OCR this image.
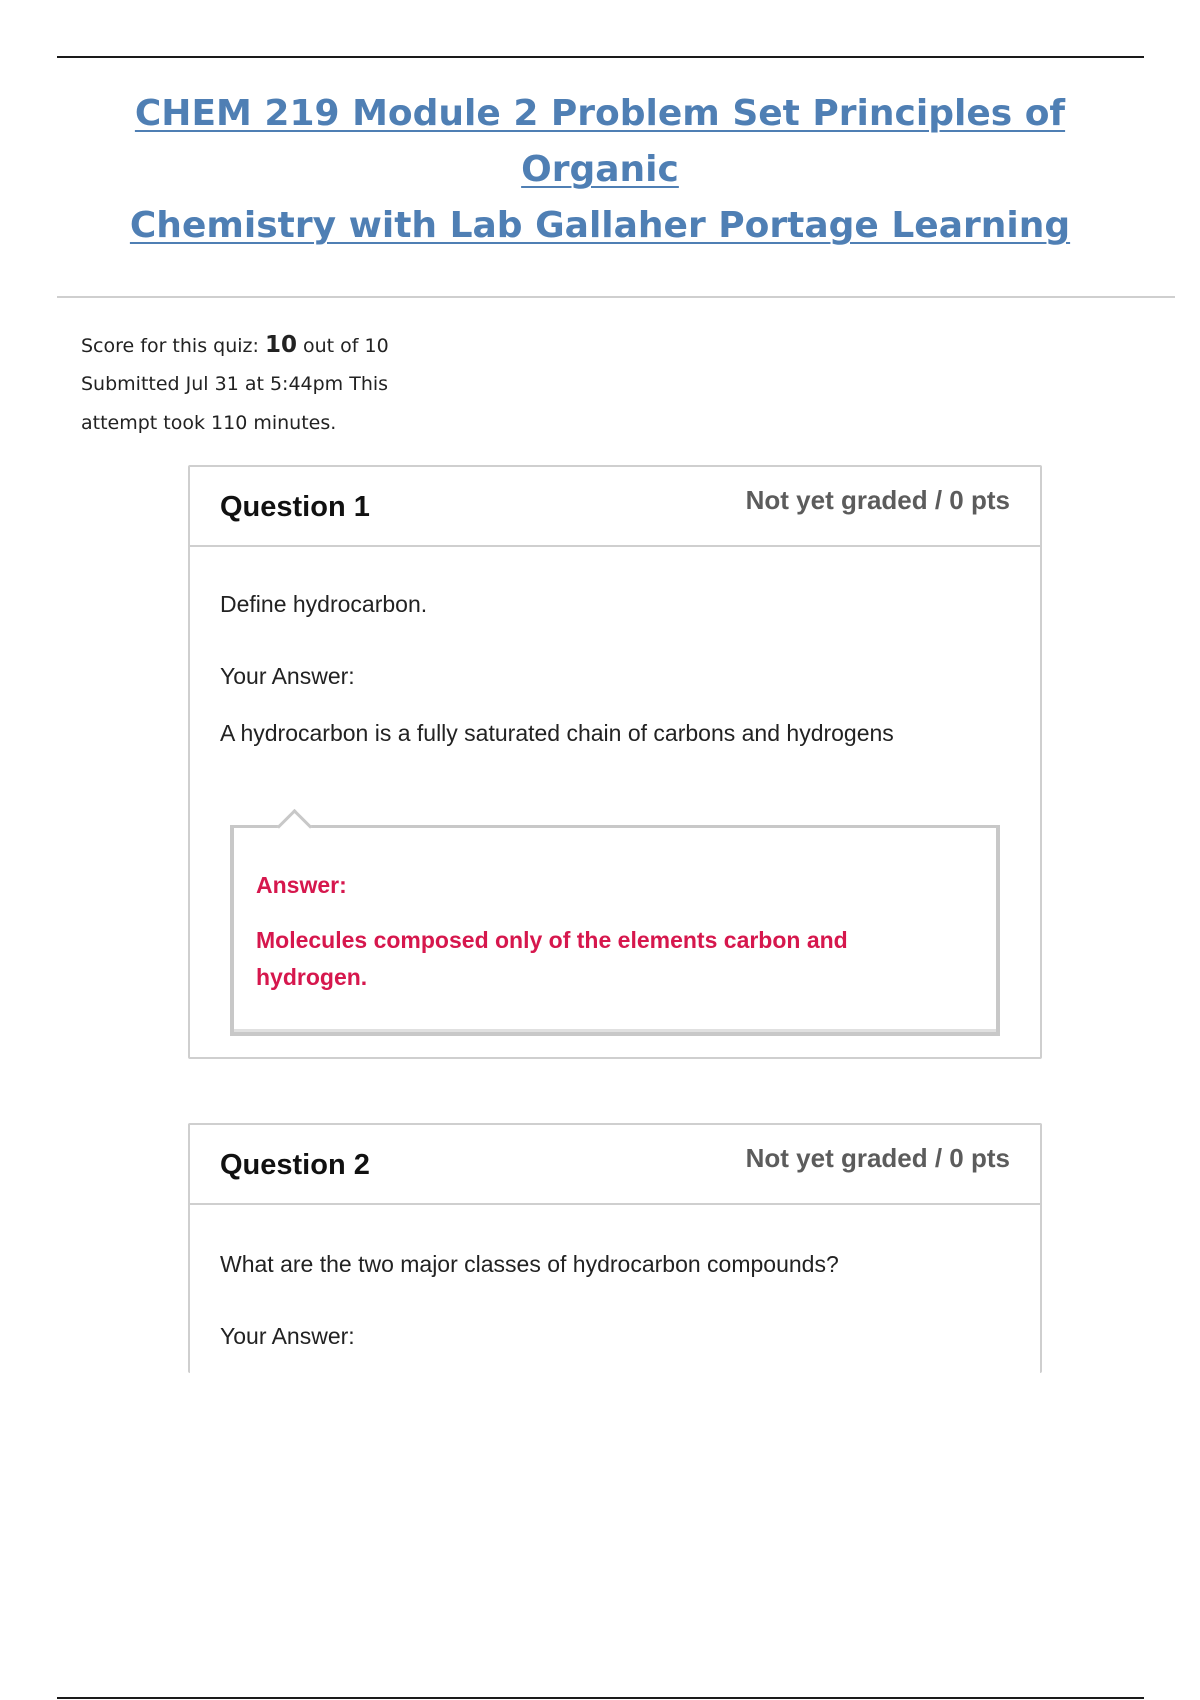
CHEM 219 Module 2 Problem Set Principles of Organic
Chemistry with Lab Gallaher Portage Learning
Score for this quiz: 10 out of 10
Submitted Jul 31 at 5:44pm This
attempt took 110 minutes.
Question 1	Not yet graded / 0 pts
Define hydrocarbon.
Your Answer:
A hydrocarbon is a fully saturated chain of carbons and hydrogens
Answer:
Molecules composed only of the elements carbon and hydrogen.
Question 2	Not yet graded / 0 pts
What are the two major classes of hydrocarbon compounds?
Your Answer:
